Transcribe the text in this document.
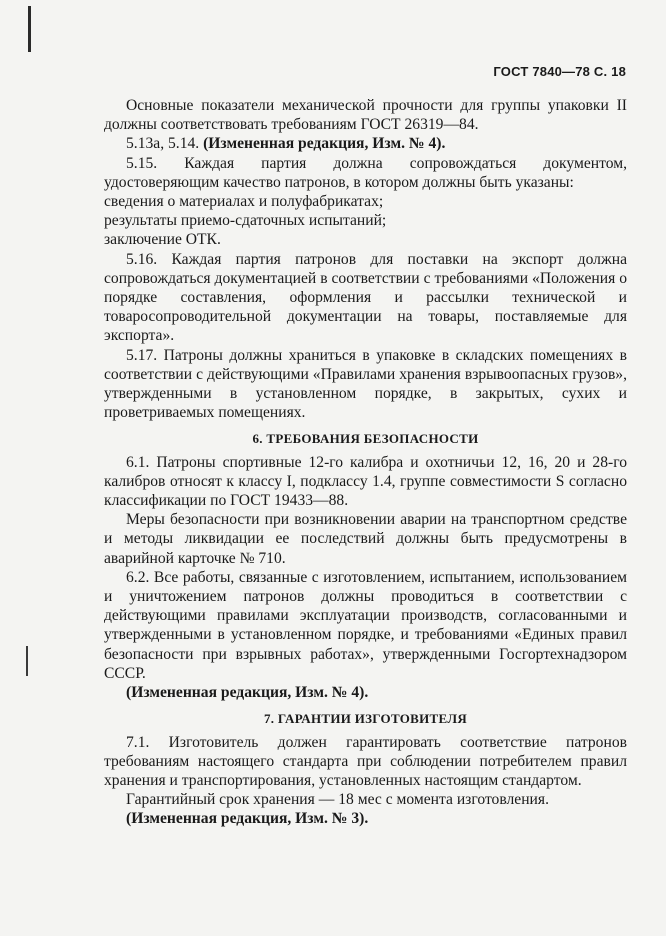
ГОСТ 7840—78 С. 18

Основные показатели механической прочности для группы упаковки II должны соответствовать требованиям ГОСТ 26319—84.

5.13а, 5.14. (Измененная редакция, Изм. № 4).

5.15. Каждая партия должна сопровождаться документом, удостоверяющим качество патронов, в котором должны быть указаны:

сведения о материалах и полуфабрикатах;

результаты приемо-сдаточных испытаний;

заключение ОТК.

5.16. Каждая партия патронов для поставки на экспорт должна сопровождаться документацией в соответствии с требованиями «Положения о порядке составления, оформления и рассылки технической и товаросопроводительной документации на товары, поставляемые для экспорта».

5.17. Патроны должны храниться в упаковке в складских помещениях в соответствии с действующими «Правилами хранения взрывоопасных грузов», утвержденными в установленном порядке, в закрытых, сухих и проветриваемых помещениях.

6. ТРЕБОВАНИЯ БЕЗОПАСНОСТИ

6.1. Патроны спортивные 12-го калибра и охотничьи 12, 16, 20 и 28-го калибров относят к классу I, подклассу 1.4, группе совместимости S согласно классификации по ГОСТ 19433—88.

Меры безопасности при возникновении аварии на транспортном средстве и методы ликвидации ее последствий должны быть предусмотрены в аварийной карточке № 710.

6.2. Все работы, связанные с изготовлением, испытанием, использованием и уничтожением патронов должны проводиться в соответствии с действующими правилами эксплуатации производств, согласованными и утвержденными в установленном порядке, и требованиями «Единых правил безопасности при взрывных работах», утвержденными Госгортехнадзором СССР.

(Измененная редакция, Изм. № 4).

7. ГАРАНТИИ ИЗГОТОВИТЕЛЯ

7.1. Изготовитель должен гарантировать соответствие патронов требованиям настоящего стандарта при соблюдении потребителем правил хранения и транспортирования, установленных настоящим стандартом.

Гарантийный срок хранения — 18 мес с момента изготовления.

(Измененная редакция, Изм. № 3).
